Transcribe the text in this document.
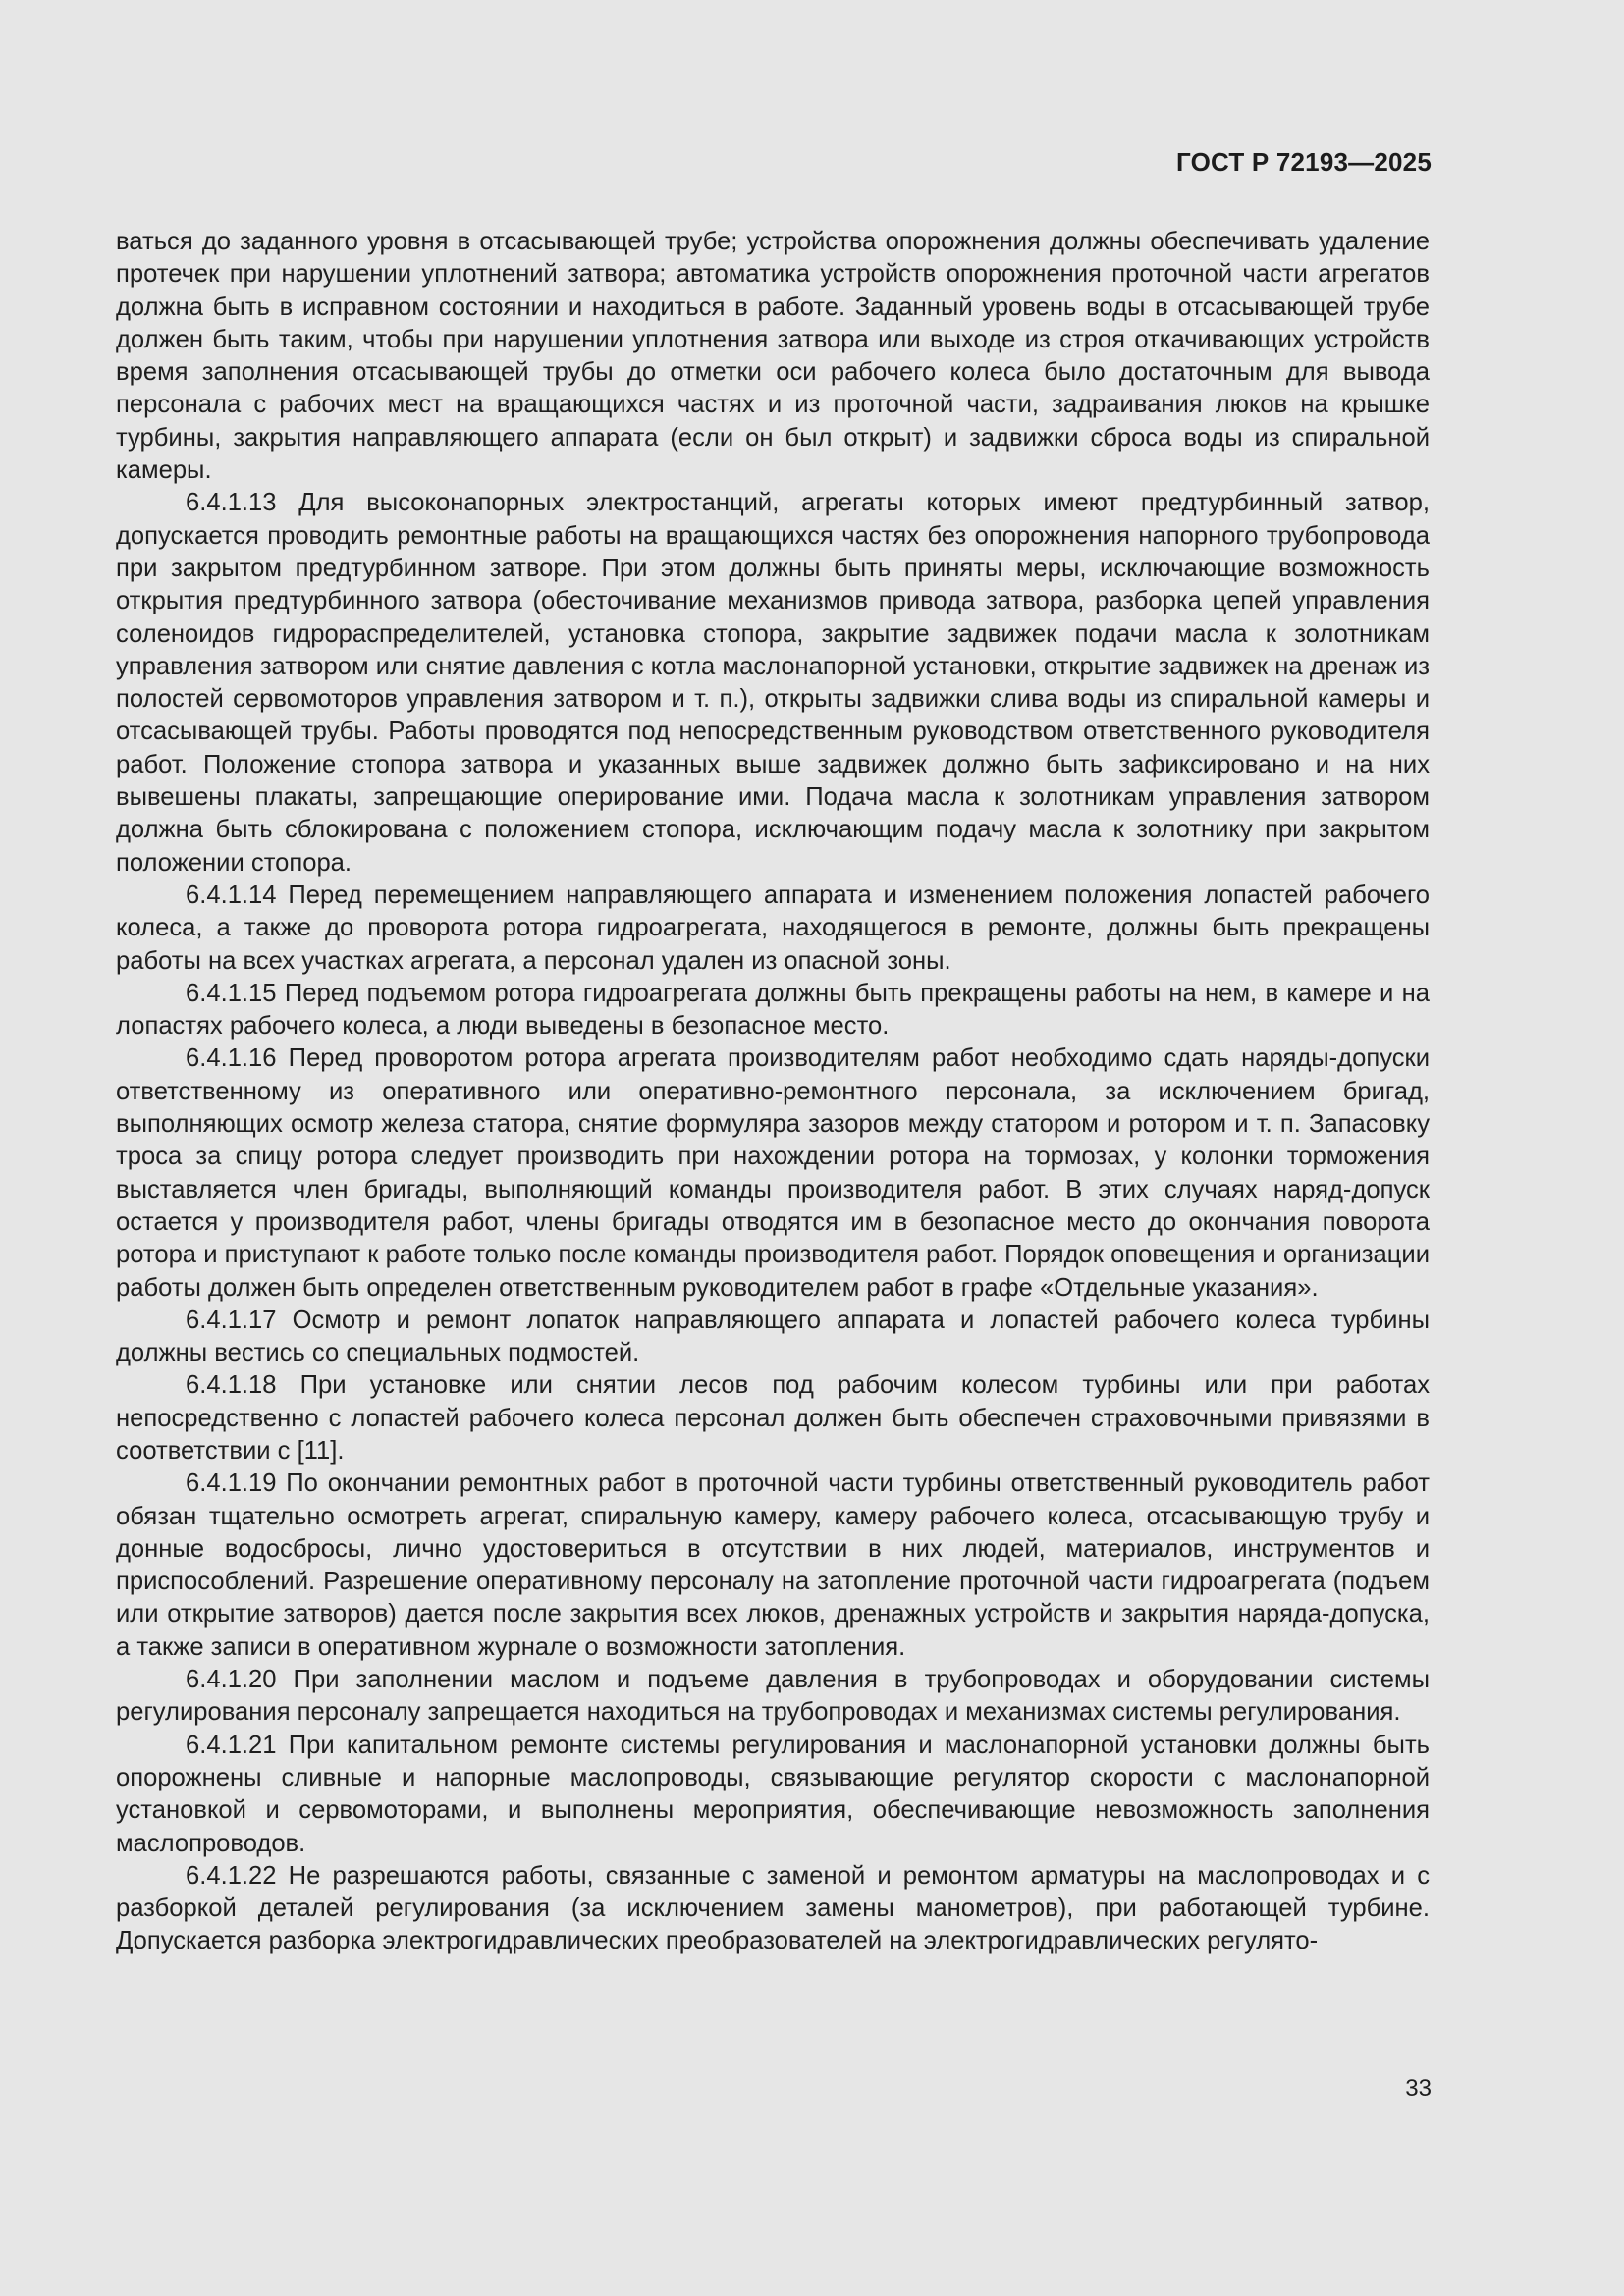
ГОСТ Р 72193—2025

ваться до заданного уровня в отсасывающей трубе; устройства опорожнения должны обеспечивать удаление протечек при нарушении уплотнений затвора; автоматика устройств опорожнения проточной части агрегатов должна быть в исправном состоянии и находиться в работе. Заданный уровень воды в отсасывающей трубе должен быть таким, чтобы при нарушении уплотнения затвора или выходе из строя откачивающих устройств время заполнения отсасывающей трубы до отметки оси рабочего колеса было достаточным для вывода персонала с рабочих мест на вращающихся частях и из проточной части, задраивания люков на крышке турбины, закрытия направляющего аппарата (если он был открыт) и задвижки сброса воды из спиральной камеры.

6.4.1.13 Для высоконапорных электростанций, агрегаты которых имеют предтурбинный затвор, допускается проводить ремонтные работы на вращающихся частях без опорожнения напорного трубопровода при закрытом предтурбинном затворе. При этом должны быть приняты меры, исключающие возможность открытия предтурбинного затвора (обесточивание механизмов привода затвора, разборка цепей управления соленоидов гидрораспределителей, установка стопора, закрытие задвижек подачи масла к золотникам управления затвором или снятие давления с котла маслонапорной установки, открытие задвижек на дренаж из полостей сервомоторов управления затвором и т. п.), открыты задвижки слива воды из спиральной камеры и отсасывающей трубы. Работы проводятся под непосредственным руководством ответственного руководителя работ. Положение стопора затвора и указанных выше задвижек должно быть зафиксировано и на них вывешены плакаты, запрещающие оперирование ими. Подача масла к золотникам управления затвором должна быть сблокирована с положением стопора, исключающим подачу масла к золотнику при закрытом положении стопора.

6.4.1.14 Перед перемещением направляющего аппарата и изменением положения лопастей рабочего колеса, а также до проворота ротора гидроагрегата, находящегося в ремонте, должны быть прекращены работы на всех участках агрегата, а персонал удален из опасной зоны.

6.4.1.15 Перед подъемом ротора гидроагрегата должны быть прекращены работы на нем, в камере и на лопастях рабочего колеса, а люди выведены в безопасное место.

6.4.1.16 Перед проворотом ротора агрегата производителям работ необходимо сдать наряды-допуски ответственному из оперативного или оперативно-ремонтного персонала, за исключением бригад, выполняющих осмотр железа статора, снятие формуляра зазоров между статором и ротором и т. п. Запасовку троса за спицу ротора следует производить при нахождении ротора на тормозах, у колонки торможения выставляется член бригады, выполняющий команды производителя работ. В этих случаях наряд-допуск остается у производителя работ, члены бригады отводятся им в безопасное место до окончания поворота ротора и приступают к работе только после команды производителя работ. Порядок оповещения и организации работы должен быть определен ответственным руководителем работ в графе «Отдельные указания».

6.4.1.17 Осмотр и ремонт лопаток направляющего аппарата и лопастей рабочего колеса турбины должны вестись со специальных подмостей.

6.4.1.18 При установке или снятии лесов под рабочим колесом турбины или при работах непосредственно с лопастей рабочего колеса персонал должен быть обеспечен страховочными привязями в соответствии с [11].

6.4.1.19 По окончании ремонтных работ в проточной части турбины ответственный руководитель работ обязан тщательно осмотреть агрегат, спиральную камеру, камеру рабочего колеса, отсасывающую трубу и донные водосбросы, лично удостовериться в отсутствии в них людей, материалов, инструментов и приспособлений. Разрешение оперативному персоналу на затопление проточной части гидроагрегата (подъем или открытие затворов) дается после закрытия всех люков, дренажных устройств и закрытия наряда-допуска, а также записи в оперативном журнале о возможности затопления.

6.4.1.20 При заполнении маслом и подъеме давления в трубопроводах и оборудовании системы регулирования персоналу запрещается находиться на трубопроводах и механизмах системы регулирования.

6.4.1.21 При капитальном ремонте системы регулирования и маслонапорной установки должны быть опорожнены сливные и напорные маслопроводы, связывающие регулятор скорости с маслонапорной установкой и сервомоторами, и выполнены мероприятия, обеспечивающие невозможность заполнения маслопроводов.

6.4.1.22 Не разрешаются работы, связанные с заменой и ремонтом арматуры на маслопроводах и с разборкой деталей регулирования (за исключением замены манометров), при работающей турбине. Допускается разборка электрогидравлических преобразователей на электрогидравлических регулято-

33
